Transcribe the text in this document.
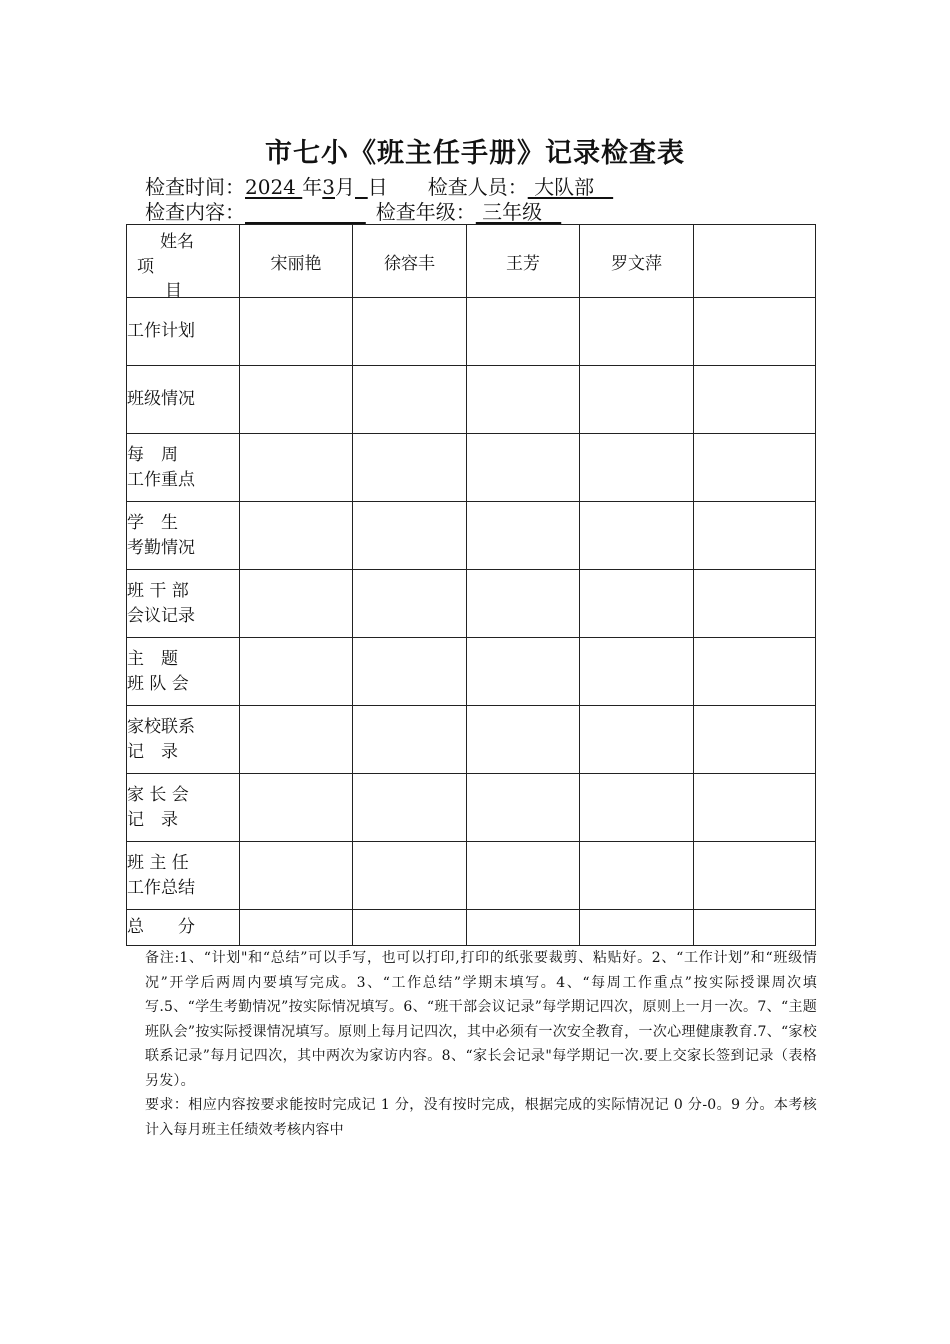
市七小《班主任手册》记录检查表
检查时间：2024 年3月 日 检查人员： 大队部
检查内容：	检查年级： 三年级
姓名
项
目	宋丽艳	徐容丰	王芳	罗文萍	

工作计划					

班级情况					

每　周
工作重点					

学　生
考勤情况					

班 干 部
会议记录					

主　题
班 队 会					

家校联系
记　录					

家 长 会
记　录					

班 主 任
工作总结					

总　　分					

备注:1、“计划"和“总结”可以手写，也可以打印,打印的纸张要裁剪、粘贴好。2、“工作计划”和“班级情况”开学后两周内要填写完成。3、“工作总结”学期末填写。4、“每周工作重点”按实际授课周次填写.5、“学生考勤情况”按实际情况填写。6、“班干部会议记录”每学期记四次，原则上一月一次。7、“主题班队会”按实际授课情况填写。原则上每月记四次，其中必须有一次安全教育，一次心理健康教育.7、“家校联系记录”每月记四次，其中两次为家访内容。8、“家长会记录"每学期记一次.要上交家长签到记录（表格另发）。

要求：相应内容按要求能按时完成记 1 分，没有按时完成，根据完成的实际情况记 0 分-0。9 分。本考核计入每月班主任绩效考核内容中
